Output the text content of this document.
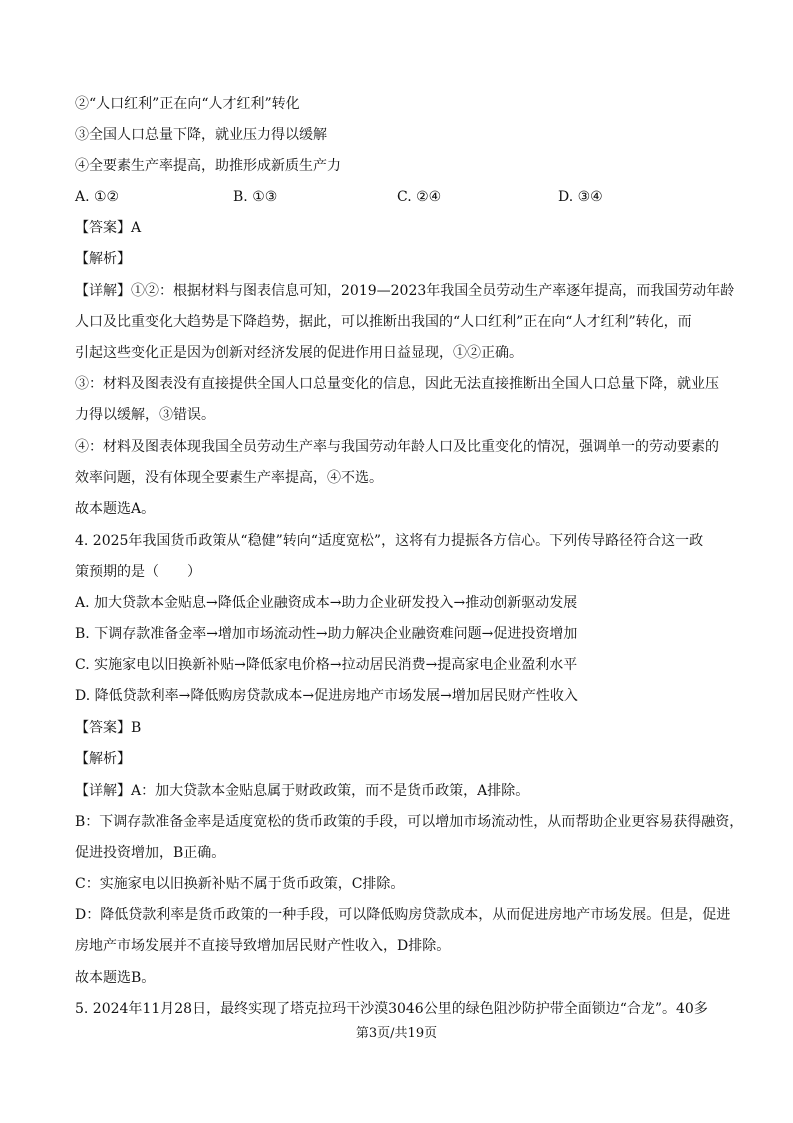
②“人口红利”正在向“人才红利”转化
③全国人口总量下降，就业压力得以缓解
④全要素生产率提高，助推形成新质生产力
A. ①②	B. ①③	C. ②④	D. ③④
【答案】A
【解析】
【详解】①②：根据材料与图表信息可知，2019—2023年我国全员劳动生产率逐年提高，而我国劳动年龄
人口及比重变化大趋势是下降趋势，据此，可以推断出我国的“人口红利”正在向“人才红利”转化，而
引起这些变化正是因为创新对经济发展的促进作用日益显现，①②正确。
③：材料及图表没有直接提供全国人口总量变化的信息，因此无法直接推断出全国人口总量下降，就业压
力得以缓解，③错误。
④：材料及图表体现我国全员劳动生产率与我国劳动年龄人口及比重变化的情况，强调单一的劳动要素的
效率问题，没有体现全要素生产率提高，④不选。
故本题选A。
4. 2025年我国货币政策从“稳健”转向“适度宽松”，这将有力提振各方信心。下列传导路径符合这一政
策预期的是（　　）
A. 加大贷款本金贴息→降低企业融资成本→助力企业研发投入→推动创新驱动发展
B. 下调存款准备金率→增加市场流动性→助力解决企业融资难问题→促进投资增加
C. 实施家电以旧换新补贴→降低家电价格→拉动居民消费→提高家电企业盈利水平
D. 降低贷款利率→降低购房贷款成本→促进房地产市场发展→增加居民财产性收入
【答案】B
【解析】
【详解】A：加大贷款本金贴息属于财政政策，而不是货币政策，A排除。
B：下调存款准备金率是适度宽松的货币政策的手段，可以增加市场流动性，从而帮助企业更容易获得融资，
促进投资增加，B正确。
C：实施家电以旧换新补贴不属于货币政策，C排除。
D：降低贷款利率是货币政策的一种手段，可以降低购房贷款成本，从而促进房地产市场发展。但是，促进
房地产市场发展并不直接导致增加居民财产性收入，D排除。
故本题选B。
5. 2024年11月28日，最终实现了塔克拉玛干沙漠3046公里的绿色阻沙防护带全面锁边“合龙”。40多
第3页/共19页
